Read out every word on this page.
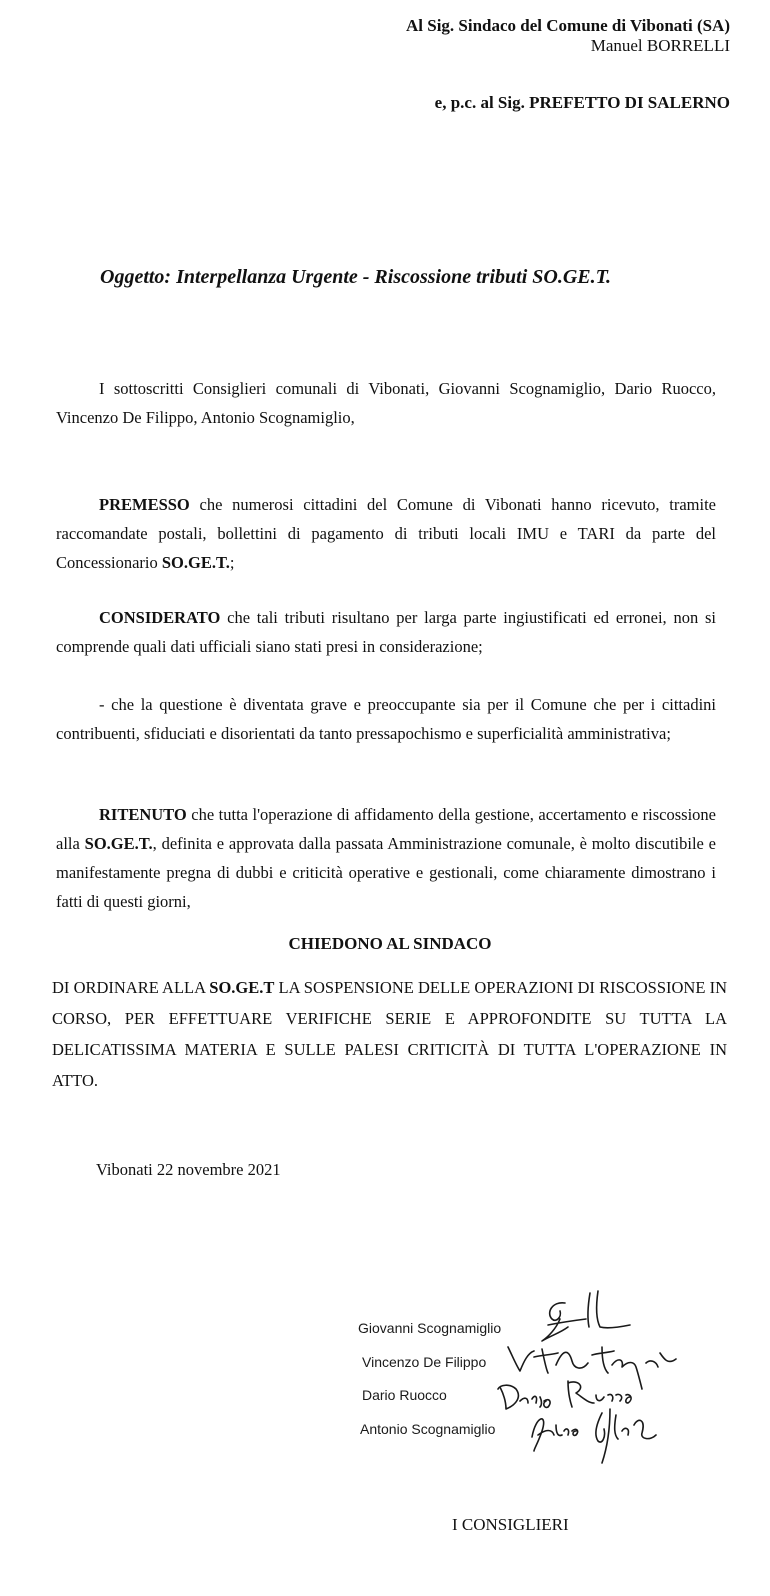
Al Sig. Sindaco del Comune di Vibonati (SA)
Manuel BORRELLI
e, p.c. al Sig. PREFETTO DI SALERNO
Oggetto: Interpellanza Urgente - Riscossione tributi SO.GE.T.

I sottoscritti Consiglieri comunali di Vibonati, Giovanni Scognamiglio, Dario Ruocco, Vincenzo De Filippo, Antonio Scognamiglio,

PREMESSO che numerosi cittadini del Comune di Vibonati hanno ricevuto, tramite raccomandate postali, bollettini di pagamento di tributi locali IMU e TARI da parte del Concessionario SO.GE.T.;

CONSIDERATO che tali tributi risultano per larga parte ingiustificati ed erronei, non si comprende quali dati ufficiali siano stati presi in considerazione;

- che la questione è diventata grave e preoccupante sia per il Comune che per i cittadini contribuenti, sfiduciati e disorientati da tanto pressapochismo e superficialità amministrativa;

RITENUTO che tutta l'operazione di affidamento della gestione, accertamento e riscossione alla SO.GE.T., definita e approvata dalla passata Amministrazione comunale, è molto discutibile e manifestamente pregna di dubbi e criticità operative e gestionali, come chiaramente dimostrano i fatti di questi giorni,

CHIEDONO AL SINDACO

DI ORDINARE ALLA SO.GE.T LA SOSPENSIONE DELLE OPERAZIONI DI RISCOSSIONE IN CORSO, PER EFFETTUARE VERIFICHE SERIE E APPROFONDITE SU TUTTA LA DELICATISSIMA MATERIA E SULLE PALESI CRITICITÀ DI TUTTA L'OPERAZIONE IN ATTO.

Vibonati 22 novembre 2021
Giovanni Scognamiglio
Vincenzo De Filippo
Dario Ruocco
Antonio Scognamiglio
I CONSIGLIERI
